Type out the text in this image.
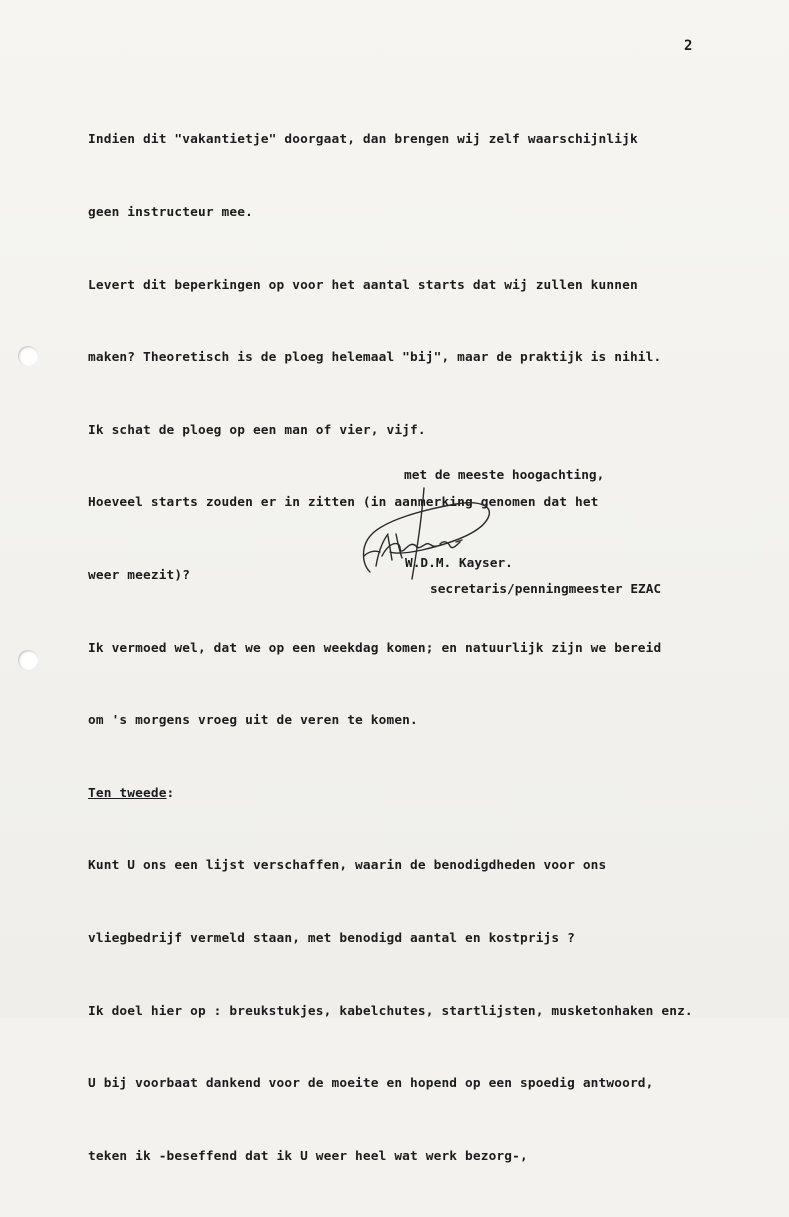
2

Indien dit "vakantietje" doorgaat, dan brengen wij zelf waarschijnlijk

geen instructeur mee.

Levert dit beperkingen op voor het aantal starts dat wij zullen kunnen

maken? Theoretisch is de ploeg helemaal "bij", maar de praktijk is nihil.

Ik schat de ploeg op een man of vier, vijf.

Hoeveel starts zouden er in zitten (in aanmerking genomen dat het

weer meezit)?

Ik vermoed wel, dat we op een weekdag komen; en natuurlijk zijn we bereid

om 's morgens vroeg uit de veren te komen.

Ten tweede:

Kunt U ons een lijst verschaffen, waarin de benodigdheden voor ons

vliegbedrijf vermeld staan, met benodigd aantal en kostprijs ?

Ik doel hier op : breukstukjes, kabelchutes, startlijsten, musketonhaken enz.

U bij voorbaat dankend voor de moeite en hopend op een spoedig antwoord,

teken ik -beseffend dat ik U weer heel wat werk bezorg-,

met de meeste hoogachting,
W.D.M. Kayser.
secretaris/penningmeester EZAC
